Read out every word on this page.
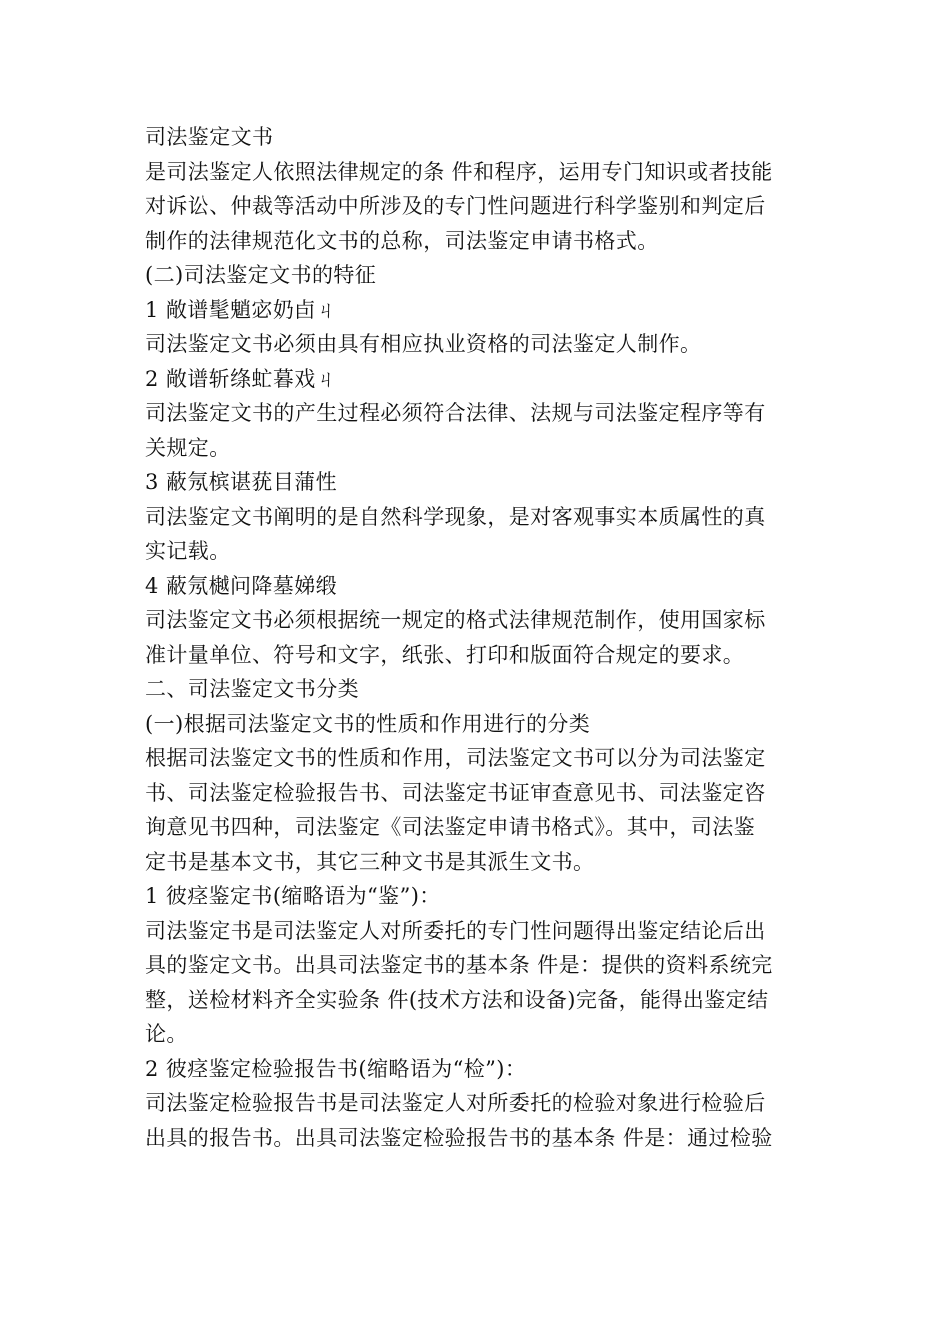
司法鉴定文书
是司法鉴定人依照法律规定的条 件和程序，运用专门知识或者技能
对诉讼、仲裁等活动中所涉及的专门性问题进行科学鉴别和判定后
制作的法律规范化文书的总称，司法鉴定申请书格式。
(二)司法鉴定文书的特征
1 敞谱髦魈宓奶卣ㄐ
司法鉴定文书必须由具有相应执业资格的司法鉴定人制作。
2 敞谱斩绦虻暮戏ㄐ
司法鉴定文书的产生过程必须符合法律、法规与司法鉴定程序等有
关规定。
3 蔽氖槟谌莸目蒲性
司法鉴定文书阐明的是自然科学现象，是对客观事实本质属性的真
实记载。
4 蔽氖樾问降墓娣缎
司法鉴定文书必须根据统一规定的格式法律规范制作，使用国家标
准计量单位、符号和文字，纸张、打印和版面符合规定的要求。
二、司法鉴定文书分类
(一)根据司法鉴定文书的性质和作用进行的分类
根据司法鉴定文书的性质和作用，司法鉴定文书可以分为司法鉴定
书、司法鉴定检验报告书、司法鉴定书证审查意见书、司法鉴定咨
询意见书四种，司法鉴定《司法鉴定申请书格式》。其中，司法鉴
定书是基本文书，其它三种文书是其派生文书。
1 彼痉鉴定书(缩略语为“鉴”)：
司法鉴定书是司法鉴定人对所委托的专门性问题得出鉴定结论后出
具的鉴定文书。出具司法鉴定书的基本条 件是：提供的资料系统完
整，送检材料齐全实验条 件(技术方法和设备)完备，能得出鉴定结
论。
2 彼痉鉴定检验报告书(缩略语为“检”)：
司法鉴定检验报告书是司法鉴定人对所委托的检验对象进行检验后
出具的报告书。出具司法鉴定检验报告书的基本条 件是：通过检验
